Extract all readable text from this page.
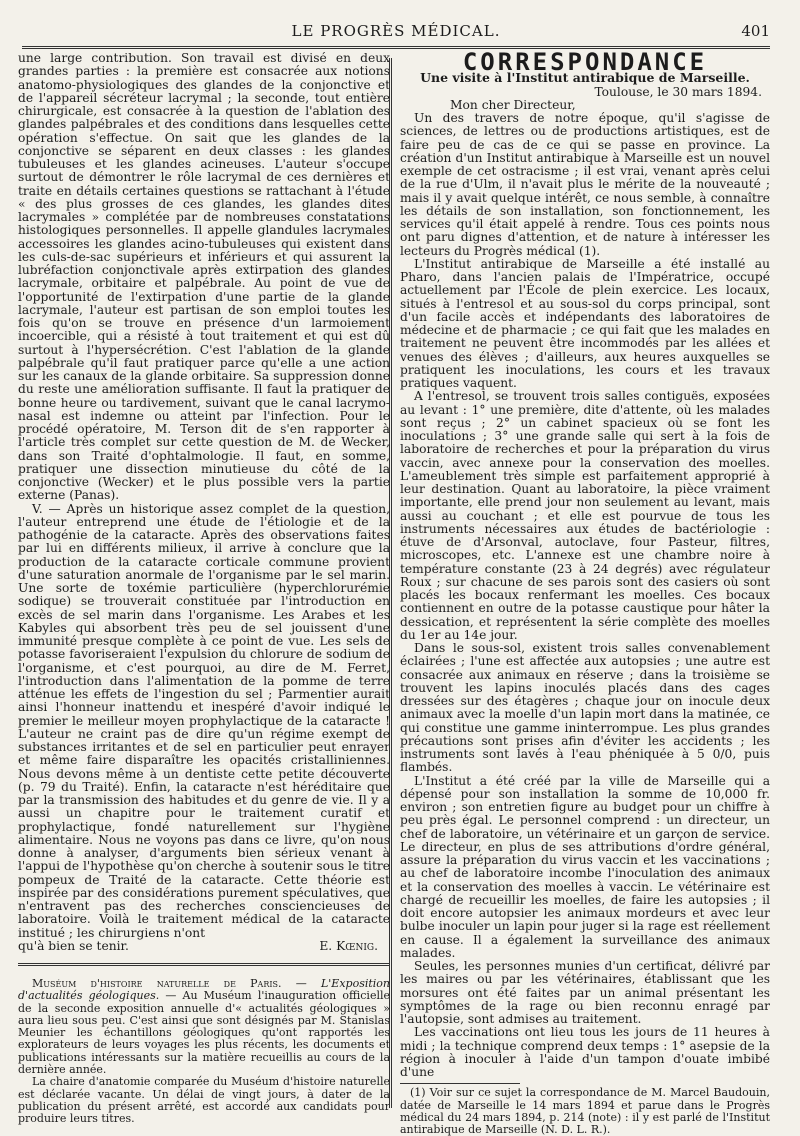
LE PROGRÈS MÉDICAL.	401

une large contribution. Son travail est divisé en deux grandes parties : la première est consacrée aux notions anatomo-physiologiques des glandes de la conjonctive et de l'appareil sécréteur lacrymal ; la seconde, tout entière chirurgicale, est consacrée à la question de l'ablation des glandes palpébrales et des conditions dans lesquelles cette opération s'effectue. On sait que les glandes de la conjonctive se séparent en deux classes : les glandes tubuleuses et les glandes acineuses. L'auteur s'occupe surtout de démontrer le rôle lacrymal de ces dernières et traite en détails certaines questions se rattachant à l'étude « des plus grosses de ces glandes, les glandes dites lacrymales » complétée par de nombreuses constatations histologiques personnelles. Il appelle glandules lacrymales accessoires les glandes acino-tubuleuses qui existent dans les culs-de-sac supérieurs et inférieurs et qui assurent la lubréfaction conjonctivale après extirpation des glandes lacrymale, orbitaire et palpébrale. Au point de vue de l'opportunité de l'extirpation d'une partie de la glande lacrymale, l'auteur est partisan de son emploi toutes les fois qu'on se trouve en présence d'un larmoiement incoercible, qui a résisté à tout traitement et qui est dû surtout à l'hypersécrétion. C'est l'ablation de la glande palpébrale qu'il faut pratiquer parce qu'elle a une action sur les canaux de la glande orbitaire. Sa suppression donne du reste une amélioration suffisante. Il faut la pratiquer de bonne heure ou tardivement, suivant que le canal lacrymo-nasal est indemne ou atteint par l'infection. Pour le procédé opératoire, M. Terson dit de s'en rapporter à l'article très complet sur cette question de M. de Wecker, dans son Traité d'ophtalmologie. Il faut, en somme, pratiquer une dissection minutieuse du côté de la conjonctive (Wecker) et le plus possible vers la partie externe (Panas).

V. — Après un historique assez complet de la question, l'auteur entreprend une étude de l'étiologie et de la pathogénie de la cataracte. Après des observations faites par lui en différents milieux, il arrive à conclure que la production de la cataracte corticale commune provient d'une saturation anormale de l'organisme par le sel marin. Une sorte de toxémie particulière (hyperchlorurémie sodique) se trouverait constituée par l'introduction en excès de sel marin dans l'organisme. Les Arabes et les Kabyles qui absorbent très peu de sel jouissent d'une immunité presque complète à ce point de vue. Les sels de potasse favoriseraient l'expulsion du chlorure de sodium de l'organisme, et c'est pourquoi, au dire de M. Ferret, l'introduction dans l'alimentation de la pomme de terre atténue les effets de l'ingestion du sel ; Parmentier aurait ainsi l'honneur inattendu et inespéré d'avoir indiqué le premier le meilleur moyen prophylactique de la cataracte ! L'auteur ne craint pas de dire qu'un régime exempt de substances irritantes et de sel en particulier peut enrayer et même faire disparaître les opacités cristalliniennes. Nous devons même à un dentiste cette petite découverte (p. 79 du Traité). Enfin, la cataracte n'est héréditaire que par la transmission des habitudes et du genre de vie. Il y a aussi un chapitre pour le traitement curatif et prophylactique, fondé naturellement sur l'hygiène alimentaire. Nous ne voyons pas dans ce livre, qu'on nous donne à analyser, d'arguments bien sérieux venant à l'appui de l'hypothèse qu'on cherche à soutenir sous le titre pompeux de Traité de la cataracte. Cette théorie est inspirée par des considérations purement spéculatives, que n'entravent pas des recherches consciencieuses de laboratoire. Voilà le traitement médical de la cataracte institué ; les chirurgiens n'ont

qu'à bien se tenir.	E. Kœnig.

Muséum d'histoire naturelle de Paris. — L'Exposition d'actualités géologiques. — Au Muséum l'inauguration officielle de la seconde exposition annuelle d'« actualités géologiques » aura lieu sous peu. C'est ainsi que sont désignés par M. Stanislas Meunier les échantillons géologiques qu'ont rapportés les explorateurs de leurs voyages les plus récents, les documents et publications intéressants sur la matière recueillis au cours de la dernière année.

La chaire d'anatomie comparée du Muséum d'histoire naturelle est déclarée vacante. Un délai de vingt jours, à dater de la publication du présent arrêté, est accordé aux candidats pour produire leurs titres.

CORRESPONDANCE
Une visite à l'Institut antirabique de Marseille.
Toulouse, le 30 mars 1894.

Mon cher Directeur,

Un des travers de notre époque, qu'il s'agisse de sciences, de lettres ou de productions artistiques, est de faire peu de cas de ce qui se passe en province. La création d'un Institut antirabique à Marseille est un nouvel exemple de cet ostracisme ; il est vrai, venant après celui de la rue d'Ulm, il n'avait plus le mérite de la nouveauté ; mais il y avait quelque intérêt, ce nous semble, à connaître les détails de son installation, son fonctionnement, les services qu'il était appelé à rendre. Tous ces points nous ont paru dignes d'attention, et de nature à intéresser les lecteurs du Progrès médical (1).

L'Institut antirabique de Marseille a été installé au Pharo, dans l'ancien palais de l'Impératrice, occupé actuellement par l'École de plein exercice. Les locaux, situés à l'entresol et au sous-sol du corps principal, sont d'un facile accès et indépendants des laboratoires de médecine et de pharmacie ; ce qui fait que les malades en traitement ne peuvent être incommodés par les allées et venues des élèves ; d'ailleurs, aux heures auxquelles se pratiquent les inoculations, les cours et les travaux pratiques vaquent.

A l'entresol, se trouvent trois salles contiguës, exposées au levant : 1° une première, dite d'attente, où les malades sont reçus ; 2° un cabinet spacieux où se font les inoculations ; 3° une grande salle qui sert à la fois de laboratoire de recherches et pour la préparation du virus vaccin, avec annexe pour la conservation des moelles. L'ameublement très simple est parfaitement approprié à leur destination. Quant au laboratoire, la pièce vraiment importante, elle prend jour non seulement au levant, mais aussi au couchant ; et elle est pourvue de tous les instruments nécessaires aux études de bactériologie : étuve de d'Arsonval, autoclave, four Pasteur, filtres, microscopes, etc. L'annexe est une chambre noire à température constante (23 à 24 degrés) avec régulateur Roux ; sur chacune de ses parois sont des casiers où sont placés les bocaux renfermant les moelles. Ces bocaux contiennent en outre de la potasse caustique pour hâter la dessication, et représentent la série complète des moelles du 1er au 14e jour.

Dans le sous-sol, existent trois salles convenablement éclairées ; l'une est affectée aux autopsies ; une autre est consacrée aux animaux en réserve ; dans la troisième se trouvent les lapins inoculés placés dans des cages dressées sur des étagères ; chaque jour on inocule deux animaux avec la moelle d'un lapin mort dans la matinée, ce qui constitue une gamme ininterrompue. Les plus grandes précautions sont prises afin d'éviter les accidents ; les instruments sont lavés à l'eau phéniquée à 5 0/0, puis flambés.

L'Institut a été créé par la ville de Marseille qui a dépensé pour son installation la somme de 10,000 fr. environ ; son entretien figure au budget pour un chiffre à peu près égal. Le personnel comprend : un directeur, un chef de laboratoire, un vétérinaire et un garçon de service. Le directeur, en plus de ses attributions d'ordre général, assure la préparation du virus vaccin et les vaccinations ; au chef de laboratoire incombe l'inoculation des animaux et la conservation des moelles à vaccin. Le vétérinaire est chargé de recueillir les moelles, de faire les autopsies ; il doit encore autopsier les animaux mordeurs et avec leur bulbe inoculer un lapin pour juger si la rage est réellement en cause. Il a également la surveillance des animaux malades.

Seules, les personnes munies d'un certificat, délivré par les maires ou par les vétérinaires, établissant que les morsures ont été faites par un animal présentant les symptômes de la rage ou bien reconnu enragé par l'autopsie, sont admises au traitement.

Les vaccinations ont lieu tous les jours de 11 heures à midi ; la technique comprend deux temps : 1° asepsie de la région à inoculer à l'aide d'un tampon d'ouate imbibé d'une

(1) Voir sur ce sujet la correspondance de M. Marcel Baudouin, datée de Marseille le 14 mars 1894 et parue dans le Progrès médical du 24 mars 1894, p. 214 (note) : il y est parlé de l'Institut antirabique de Marseille (N. D. L. R.).
